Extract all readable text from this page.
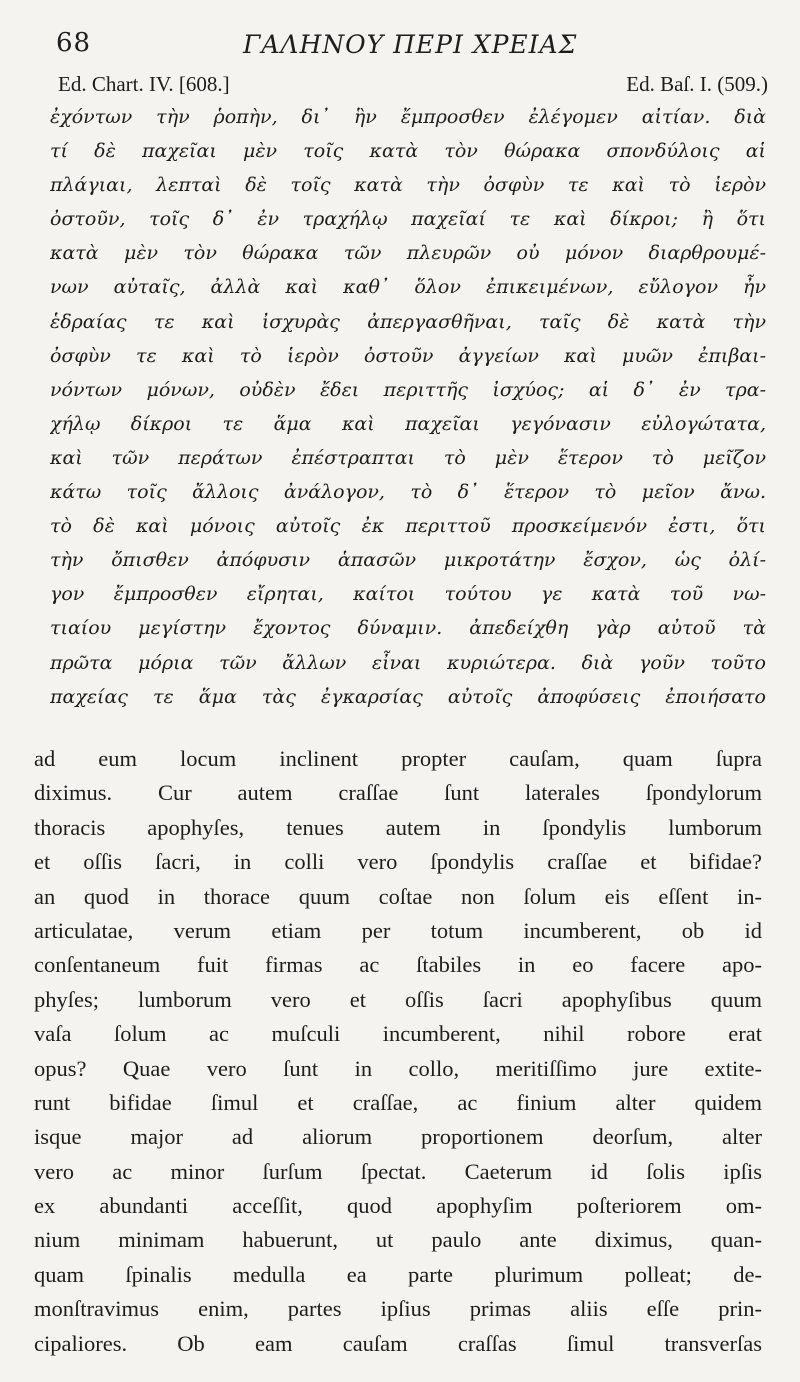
68	ΓΑΛΗΝΟΥ ΠΕΡΙ ΧΡΕΙΑΣ
Ed. Chart. IV. [608.]	Ed. Baſ. I. (509.)
ἐχόντων τὴν ῥοπὴν, δι᾽ ἣν ἔμπροσθεν ἐλέγομεν αἰτίαν. διὰ
τί δὲ παχεῖαι μὲν τοῖς κατὰ τὸν θώρακα σπονδύλοις αἱ
πλάγιαι, λεπταὶ δὲ τοῖς κατὰ τὴν ὀσφὺν τε καὶ τὸ ἱερὸν
ὀστοῦν, τοῖς δ᾽ ἐν τραχήλῳ παχεῖαί τε καὶ δίκροι; ἢ ὅτι
κατὰ μὲν τὸν θώρακα τῶν πλευρῶν οὐ μόνον διαρθρουμέ-
νων αὐταῖς, ἀλλὰ καὶ καθ᾽ ὅλον ἐπικειμένων, εὔλογον ἦν
ἑδραίας τε καὶ ἰσχυρὰς ἀπεργασθῆναι, ταῖς δὲ κατὰ τὴν
ὀσφὺν τε καὶ τὸ ἱερὸν ὀστοῦν ἀγγείων καὶ μυῶν ἐπιβαι-
νόντων μόνων, οὐδὲν ἔδει περιττῆς ἰσχύος; αἱ δ᾽ ἐν τρα-
χήλῳ δίκροι τε ἅμα καὶ παχεῖαι γεγόνασιν εὐλογώτατα,
καὶ τῶν περάτων ἐπέστραπται τὸ μὲν ἕτερον τὸ μεῖζον
κάτω τοῖς ἄλλοις ἀνάλογον, τὸ δ᾽ ἕτερον τὸ μεῖον ἄνω.
τὸ δὲ καὶ μόνοις αὐτοῖς ἐκ περιττοῦ προσκείμενόν ἐστι, ὅτι
τὴν ὄπισθεν ἀπόφυσιν ἁπασῶν μικροτάτην ἔσχον, ὡς ὀλί-
γον ἔμπροσθεν εἴρηται, καίτοι τούτου γε κατὰ τοῦ νω-
τιαίου μεγίστην ἔχοντος δύναμιν. ἀπεδείχθη γὰρ αὐτοῦ τὰ
πρῶτα μόρια τῶν ἄλλων εἶναι κυριώτερα. διὰ γοῦν τοῦτο
παχείας τε ἅμα τὰς ἐγκαρσίας αὐτοῖς ἀποφύσεις ἐποιήσατο
ad eum locum inclinent propter cauſam, quam ſupra
diximus. Cur autem craſſae ſunt laterales ſpondylorum
thoracis apophyſes, tenues autem in ſpondylis lumborum
et oſſis ſacri, in colli vero ſpondylis craſſae et bifidae?
an quod in thorace quum coſtae non ſolum eis eſſent in-
articulatae, verum etiam per totum incumberent, ob id
conſentaneum fuit firmas ac ſtabiles in eo facere apo-
phyſes; lumborum vero et oſſis ſacri apophyſibus quum
vaſa ſolum ac muſculi incumberent, nihil robore erat
opus? Quae vero ſunt in collo, meritiſſimo jure extite-
runt bifidae ſimul et craſſae, ac finium alter quidem
isque major ad aliorum proportionem deorſum, alter
vero ac minor ſurſum ſpectat. Caeterum id ſolis ipſis
ex abundanti acceſſit, quod apophyſim poſteriorem om-
nium minimam habuerunt, ut paulo ante diximus, quan-
quam ſpinalis medulla ea parte plurimum polleat; de-
monſtravimus enim, partes ipſius primas aliis eſſe prin-
cipaliores. Ob eam cauſam craſſas ſimul transverſas
